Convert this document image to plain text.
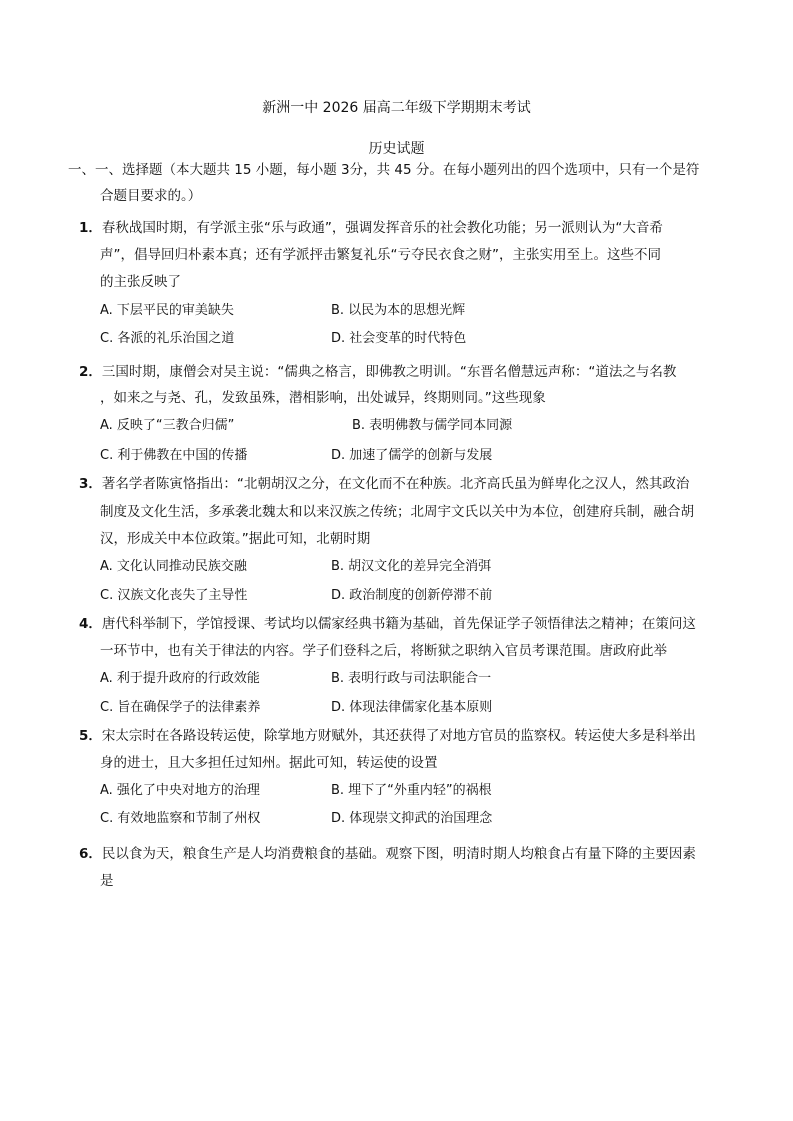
新洲一中 2026 届高二年级下学期期末考试
历史试题
一、一、选择题（本大题共 15 小题，每小题 3分，共 45 分。在每小题列出的四个选项中，只有一个是符
合题目要求的。）
1．春秋战国时期，有学派主张“乐与政通”，强调发挥音乐的社会教化功能；另一派则认为“大音希
声”，倡导回归朴素本真；还有学派抨击繁复礼乐“亏夺民衣食之财”，主张实用至上。这些不同
的主张反映了
A. 下层平民的审美缺失	B. 以民为本的思想光辉
C. 各派的礼乐治国之道	D. 社会变革的时代特色
2．三国时期，康僧会对吴主说：“儒典之格言，即佛教之明训。“东晋名僧慧远声称：“道法之与名教
，如来之与尧、孔，发致虽殊，潜相影响，出处诚异，终期则同。”这些现象
A. 反映了“三教合归儒”	B. 表明佛教与儒学同本同源
C. 利于佛教在中国的传播	D. 加速了儒学的创新与发展
3．著名学者陈寅恪指出：“北朝胡汉之分，在文化而不在种族。北齐高氏虽为鲜卑化之汉人，然其政治
制度及文化生活，多承袭北魏太和以来汉族之传统；北周宇文氏以关中为本位，创建府兵制，融合胡
汉，形成关中本位政策。”据此可知，北朝时期
A. 文化认同推动民族交融	B. 胡汉文化的差异完全消弭
C. 汉族文化丧失了主导性	D. 政治制度的创新停滞不前
4．唐代科举制下，学馆授课、考试均以儒家经典书籍为基础，首先保证学子领悟律法之精神；在策问这
一环节中，也有关于律法的内容。学子们登科之后，将断狱之职纳入官员考课范围。唐政府此举
A. 利于提升政府的行政效能	B. 表明行政与司法职能合一
C. 旨在确保学子的法律素养	D. 体现法律儒家化基本原则
5．宋太宗时在各路设转运使，除掌地方财赋外，其还获得了对地方官员的监察权。转运使大多是科举出
身的进士，且大多担任过知州。据此可知，转运使的设置
A. 强化了中央对地方的治理	B. 埋下了“外重内轻”的祸根
C. 有效地监察和节制了州权	D. 体现崇文抑武的治国理念
6．民以食为天，粮食生产是人均消费粮食的基础。观察下图，明清时期人均粮食占有量下降的主要因素
是
